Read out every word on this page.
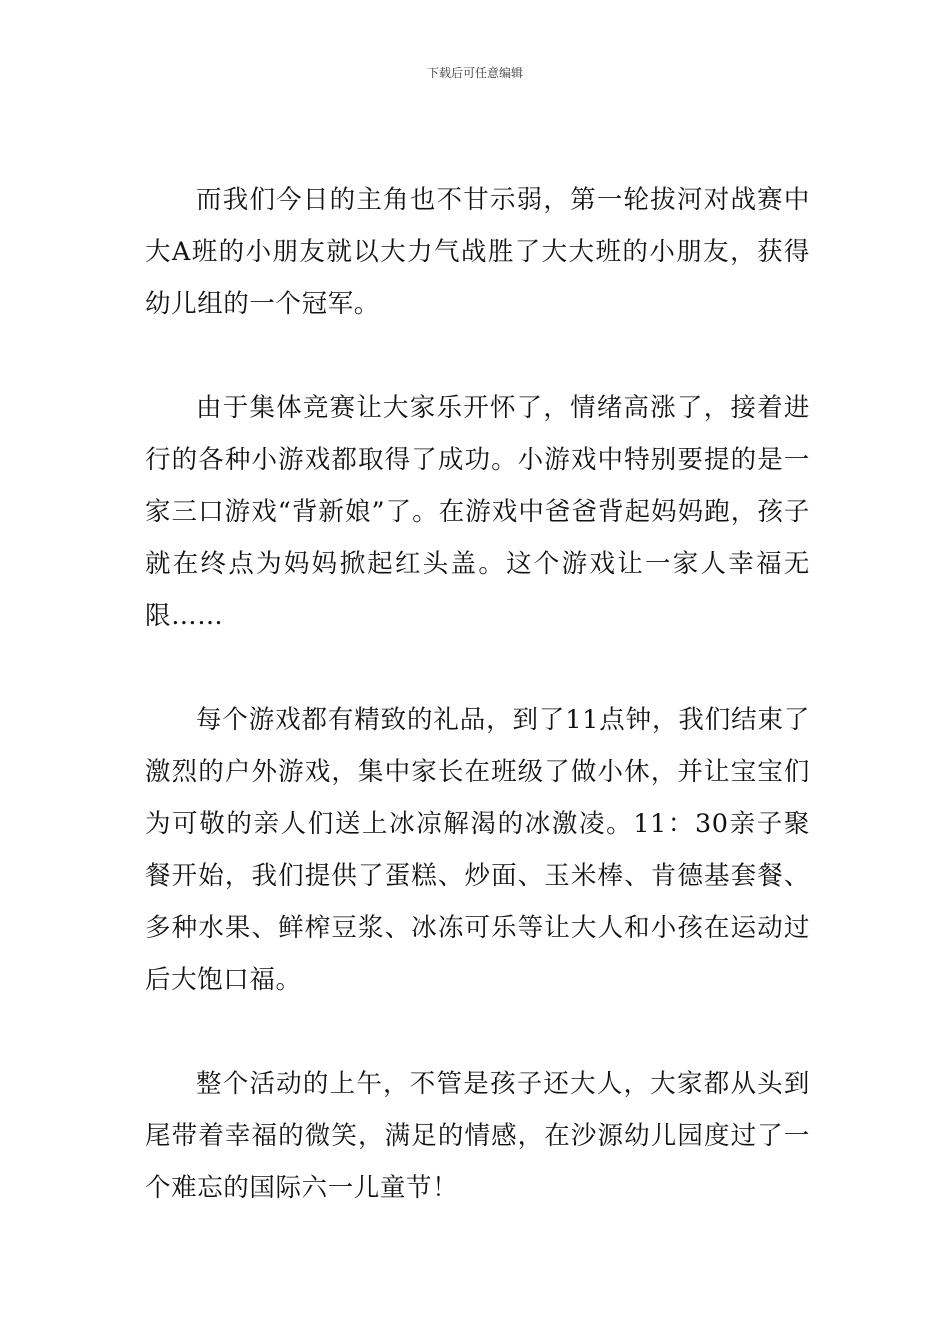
下载后可任意编辑

而我们今日的主角也不甘示弱，第一轮拔河对战赛中大A班的小朋友就以大力气战胜了大大班的小朋友，获得幼儿组的一个冠军。

由于集体竞赛让大家乐开怀了，情绪高涨了，接着进行的各种小游戏都取得了成功。小游戏中特别要提的是一家三口游戏“背新娘”了。在游戏中爸爸背起妈妈跑，孩子就在终点为妈妈掀起红头盖。这个游戏让一家人幸福无限……

每个游戏都有精致的礼品，到了11点钟，我们结束了激烈的户外游戏，集中家长在班级了做小休，并让宝宝们为可敬的亲人们送上冰凉解渴的冰激凌。11：30亲子聚餐开始，我们提供了蛋糕、炒面、玉米棒、肯德基套餐、多种水果、鲜榨豆浆、冰冻可乐等让大人和小孩在运动过后大饱口福。

整个活动的上午，不管是孩子还大人，大家都从头到尾带着幸福的微笑，满足的情感，在沙源幼儿园度过了一个难忘的国际六一儿童节！
